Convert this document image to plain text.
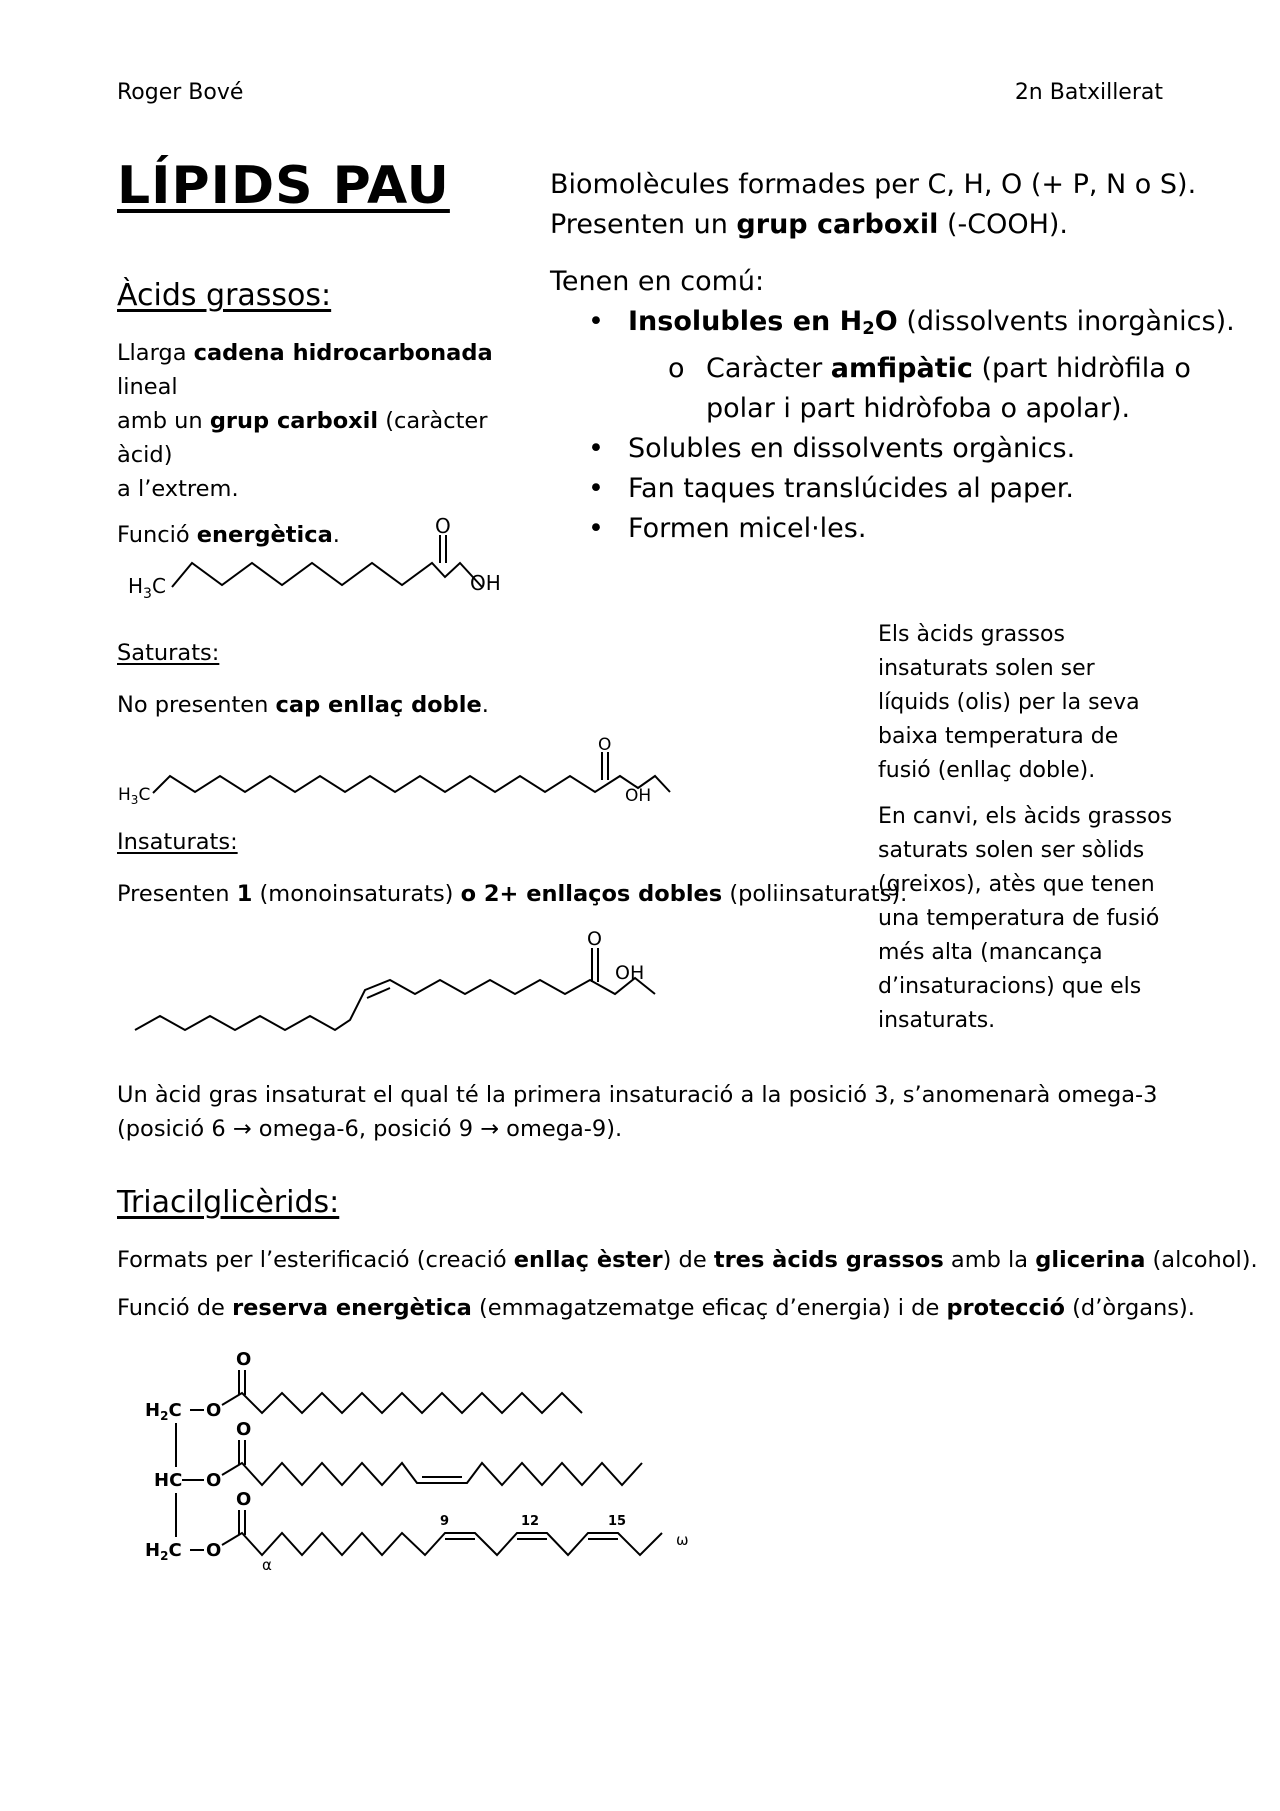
Roger Bové	2n Batxillerat
LÍPIDS PAU	Biomolècules formades per C, H, O (+ P, N o S).

Presenten un grup carboxil (-COOH).

Tenen en comú:

• Insolubles en H2O (dissolvents inorgànics).
o Caràcter amfipàtic (part hidròfila o
polar i part hidròfoba o apolar).
• Solubles en dissolvents orgànics.
• Fan taques translúcides al paper.
• Formen micel·les.
Àcids grassos:

Llarga cadena hidrocarbonada lineal

amb un grup carboxil (caràcter àcid)

a l’extrem.

Funció energètica.

$H_3C$
O
OH

Els àcids grassos

insaturats solen ser

líquids (olis) per la seva

baixa temperatura de

fusió (enllaç doble).

En canvi, els àcids grassos

saturats solen ser sòlids

(greixos), atès que tenen

una temperatura de fusió

més alta (mancança

d’insaturacions) que els

insaturats.

Saturats:
No presenten cap enllaç doble.
$H_3C$
O
OH
Insaturats:
Presenten 1 (monoinsaturats) o 2+ enllaços dobles (poliinsaturats).
O
OH

Un àcid gras insaturat el qual té la primera insaturació a la posició 3, s’anomenarà omega-3

(posició 6 → omega-6, posició 9 → omega-9).

Triacilglicèrids:

Formats per l’esterificació (creació enllaç èster) de tres àcids grassos amb la glicerina (alcohol).

Funció de reserva energètica (emmagatzematge eficaç d’energia) i de protecció (d’òrgans).

$H_2C$ O
O
HC O
O
$H_2C$ O
O
9	12	15
α
ω
